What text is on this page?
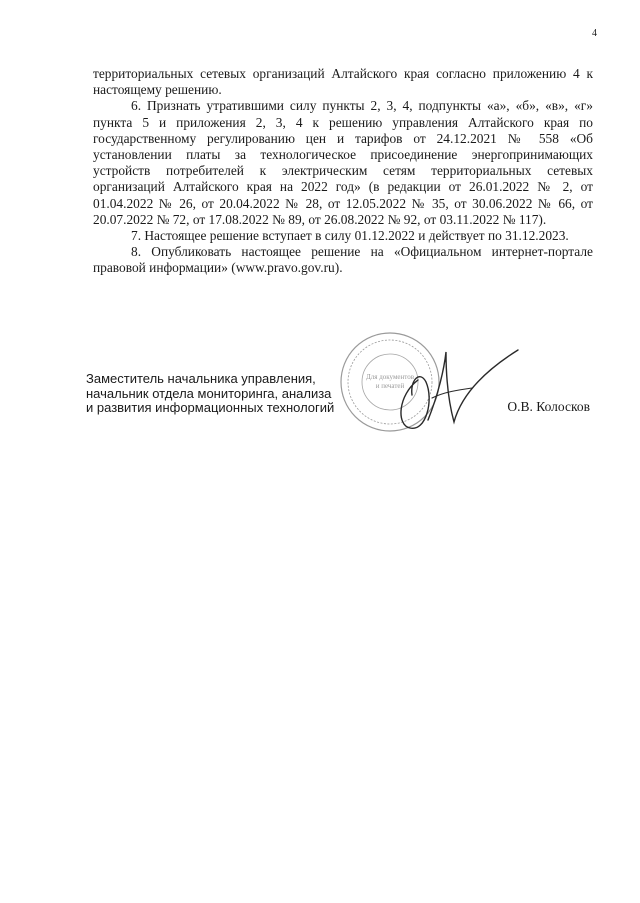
4

территориальных сетевых организаций Алтайского края согласно приложению 4 к настоящему решению.

6. Признать утратившими силу пункты 2, 3, 4, подпункты «а», «б», «в», «г» пункта 5 и приложения 2, 3, 4 к решению управления Алтайского края по государственному регулированию цен и тарифов от 24.12.2021 № 558 «Об установлении платы за технологическое присоединение энергопринимающих устройств потребителей к электрическим сетям территориальных сетевых организаций Алтайского края на 2022 год» (в редакции от 26.01.2022 № 2, от 01.04.2022 № 26, от 20.04.2022 № 28, от 12.05.2022 № 35, от 30.06.2022 № 66, от 20.07.2022 № 72, от 17.08.2022 № 89, от 26.08.2022 № 92, от 03.11.2022 № 117).

7. Настоящее решение вступает в силу 01.12.2022 и действует по 31.12.2023.

8. Опубликовать настоящее решение на «Официальном интернет-портале правовой информации» (www.pravo.gov.ru).

Для документов
и печатей
Заместитель начальника управления,
начальник отдела мониторинга, анализа
и развития информационных технологий	О.В. Колосков
